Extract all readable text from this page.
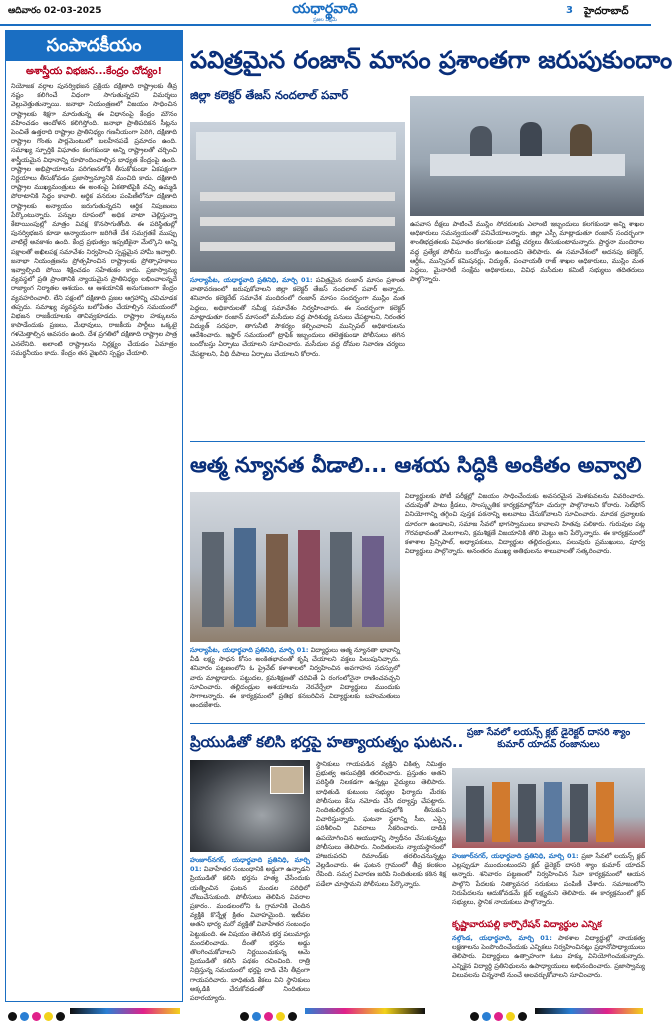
ఆదివారం 02-03-2025	యధార్థవాది
ప్రజల పక్షమే
3 హైదరాబాద్
సంపాదకీయం
అశాస్త్రీయ విభజన...కేంద్రం చోద్యం!
నియోజక వర్గాల పునర్విభజన ప్రక్రియ దక్షిణాది రాష్ట్రాలకు తీవ్ర నష్టం కలిగించే విధంగా సాగుతున్నదని విమర్శలు వెల్లువెత్తుతున్నాయి. జనాభా నియంత్రణలో విజయం సాధించిన రాష్ట్రాలకు శిక్షగా మారుతున్న ఈ విధానంపై కేంద్రం మౌనం వహించడం ఆందోళన కలిగిస్తోంది. జనాభా ప్రాతిపదికన సీట్లను పెంచితే ఉత్తరాది రాష్ట్రాల ప్రాతినిధ్యం గణనీయంగా పెరిగి, దక్షిణాది రాష్ట్రాల గొంతు పార్లమెంటులో బలహీనపడే ప్రమాదం ఉంది. సమాఖ్య స్ఫూర్తికి విఘాతం కలగకుండా అన్ని రాష్ట్రాలతో చర్చించి శాస్త్రీయమైన విధానాన్ని రూపొందించాల్సిన బాధ్యత కేంద్రంపై ఉంది. రాష్ట్రాల అభిప్రాయాలను పరిగణనలోకి తీసుకోకుండా ఏకపక్షంగా నిర్ణయాలు తీసుకోవడం ప్రజాస్వామ్యానికి మంచిది కాదు. దక్షిణాది రాష్ట్రాల ముఖ్యమంత్రులు ఈ అంశంపై ఏకతాటిపైకి వచ్చి ఉమ్మడి పోరాటానికి సిద్ధం కావాలి. ఆర్థిక వనరుల పంపిణీలోనూ దక్షిణాది రాష్ట్రాలకు అన్యాయం జరుగుతున్నదని ఆర్థిక నిపుణులు పేర్కొంటున్నారు. పన్నుల రూపంలో అధిక వాటా చెల్లిస్తున్నా కేటాయింపుల్లో మాత్రం వివక్ష కొనసాగుతోంది. ఈ పరిస్థితుల్లో పునర్విభజన కూడా అన్యాయంగా జరిగితే దేశ సమగ్రతకే ముప్పు వాటిల్లే అవకాశం ఉంది. కేంద్ర ప్రభుత్వం ఇప్పటికైనా మేల్కొని అన్ని పక్షాలతో అఖిలపక్ష సమావేశం నిర్వహించి స్పష్టమైన హామీ ఇవ్వాలి. జనాభా నియంత్రణను ప్రోత్సహించిన రాష్ట్రాలకు ప్రోత్సాహకాలు ఇవ్వాల్సింది పోయి శిక్షించడం సహేతుకం కాదు. ప్రజాస్వామ్య వ్యవస్థలో ప్రతి ప్రాంతానికి న్యాయమైన ప్రాతినిధ్యం లభించాలన్నదే రాజ్యాంగ నిర్మాతల ఆశయం. ఆ ఆశయానికి అనుగుణంగా కేంద్రం వ్యవహరించాలి. లేని పక్షంలో దక్షిణాది ప్రజల ఆగ్రహాన్ని చవిచూడక తప్పదు. సమాఖ్య వ్యవస్థను బలోపేతం చేయాల్సిన సమయంలో విభజన రాజకీయాలకు తావివ్వకూడదు. రాష్ట్రాల హక్కులను కాపాడేందుకు ప్రజలు, మేధావులు, రాజకీయ పార్టీలు ఒక్కటై గళమెత్తాల్సిన అవసరం ఉంది. దేశ ప్రగతిలో దక్షిణాది రాష్ట్రాల పాత్ర ఎనలేనిది. అలాంటి రాష్ట్రాలను నిర్లక్ష్యం చేయడం ఏమాత్రం సమర్థనీయం కాదు. కేంద్రం తన వైఖరిని స్పష్టం చేయాలి.
పవిత్రమైన రంజాన్ మాసం ప్రశాంతగా జరుపుకుందాం
జిల్లా కలెక్టర్ తేజస్ నందలాల్ పవార్
సూర్యాపేట, యధార్థవాది ప్రతినిధి, మార్చి 01: పవిత్రమైన రంజాన్ మాసం ప్రశాంత వాతావరణంలో జరుపుకోవాలని జిల్లా కలెక్టర్ తేజస్ నందలాల్ పవార్ అన్నారు. శనివారం కలెక్టరేట్ సమావేశ మందిరంలో రంజాన్ మాసం సందర్భంగా ముస్లిం మత పెద్దలు, అధికారులతో సమీక్ష సమావేశం నిర్వహించారు. ఈ సందర్భంగా కలెక్టర్ మాట్లాడుతూ రంజాన్ మాసంలో మసీదుల వద్ద పారిశుధ్య పనులు చేపట్టాలని, నిరంతర విద్యుత్ సరఫరా, తాగునీటి సౌకర్యం కల్పించాలని మున్సిపల్ అధికారులను ఆదేశించారు. ఇఫ్తార్ సమయంలో ట్రాఫిక్ ఇబ్బందులు తలెత్తకుండా పోలీసులు తగిన బందోబస్తు ఏర్పాటు చేయాలని సూచించారు. మసీదుల వద్ద దోమల నివారణ చర్యలు చేపట్టాలని, వీధి దీపాలు ఏర్పాటు చేయాలని కోరారు.
ఉపవాస దీక్షలు పాటించే ముస్లిం సోదరులకు ఎలాంటి ఇబ్బందులు కలగకుండా అన్ని శాఖల అధికారులు సమన్వయంతో పనిచేయాలన్నారు. జిల్లా ఎస్పీ మాట్లాడుతూ రంజాన్ సందర్భంగా శాంతిభద్రతలకు విఘాతం కలగకుండా పటిష్ట చర్యలు తీసుకుంటామన్నారు. ప్రార్థనా మందిరాల వద్ద ప్రత్యేక పోలీసు బందోబస్తు ఉంటుందని తెలిపారు. ఈ సమావేశంలో అదనపు కలెక్టర్, ఆర్డీఓ, మున్సిపల్ కమిషనర్లు, విద్యుత్, పంచాయతీ రాజ్ శాఖల అధికారులు, ముస్లిం మత పెద్దలు, మైనారిటీ సంక్షేమ అధికారులు, వివిధ మసీదుల కమిటీ సభ్యులు తదితరులు పాల్గొన్నారు.
ఆత్మ న్యూనత వీడాలి... ఆశయ సిద్ధికి అంకితం అవ్వాలి
సూర్యాపేట, యధార్థవాది ప్రతినిధి, మార్చి 01: విద్యార్థులు ఆత్మ న్యూనతా భావాన్ని వీడి లక్ష్య సాధన కోసం అంకితభావంతో కృషి చేయాలని వక్తలు పిలుపునిచ్చారు. శనివారం పట్టణంలోని ఓ ప్రైవేట్ కళాశాలలో నిర్వహించిన అవగాహన సదస్సులో వారు మాట్లాడారు. పట్టుదల, క్రమశిక్షణతో చదివితే ఏ రంగంలోనైనా రాణించవచ్చని సూచించారు. తల్లిదండ్రుల ఆశయాలను నెరవేర్చేలా విద్యార్థులు ముందుకు సాగాలన్నారు. ఈ కార్యక్రమంలో ప్రతిభ కనబరిచిన విద్యార్థులకు బహుమతులు అందజేశారు.
విద్యార్థులకు పోటీ పరీక్షల్లో విజయం సాధించేందుకు అవసరమైన మెళకువలను వివరించారు. చదువుతో పాటు క్రీడలు, సాంస్కృతిక కార్యక్రమాల్లోనూ చురుగ్గా పాల్గొనాలని కోరారు. సెల్‌ఫోన్ వినియోగాన్ని తగ్గించి పుస్తక పఠనాన్ని అలవాటు చేసుకోవాలని సూచించారు. మాదక ద్రవ్యాలకు దూరంగా ఉండాలని, సమాజ సేవలో భాగస్వాములు కావాలని హితవు పలికారు. గురువుల పట్ల గౌరవభావంతో మెలగాలని, క్రమశిక్షణే విజయానికి తొలి మెట్టు అని పేర్కొన్నారు. ఈ కార్యక్రమంలో కళాశాల ప్రిన్సిపాల్, అధ్యాపకులు, విద్యార్థుల తల్లిదండ్రులు, పలువురు ప్రముఖులు, పూర్వ విద్యార్థులు పాల్గొన్నారు. అనంతరం ముఖ్య అతిథులను శాలువాలతో సత్కరించారు.
ప్రియుడితో కలిసి భర్తపై హత్యాయత్నం ఘటన..
హుజూర్‌నగర్, యధార్థవాది ప్రతినిధి, మార్చి 01: వివాహేతర సంబంధానికి అడ్డుగా ఉన్నాడని ప్రియుడితో కలిసి భర్తను హత్య చేసేందుకు యత్నించిన ఘటన మండల పరిధిలో చోటుచేసుకుంది. పోలీసులు తెలిపిన వివరాల ప్రకారం.. మండలంలోని ఓ గ్రామానికి చెందిన వ్యక్తికి కొన్నేళ్ల క్రితం వివాహమైంది. ఇటీవల అతని భార్య మరో వ్యక్తితో వివాహేతర సంబంధం పెట్టుకుంది. ఈ విషయం తెలిసిన భర్త పలుమార్లు మందలించాడు. దీంతో భర్తను అడ్డు తొలగించుకోవాలని నిర్ణయించుకున్న ఆమె ప్రియుడితో కలిసి పథకం రచించింది. రాత్రి నిద్రిస్తున్న సమయంలో భర్తపై దాడి చేసి తీవ్రంగా గాయపరిచారు. బాధితుడి కేకలు విని స్థానికులు అక్కడికి చేరుకోవడంతో నిందితులు పరారయ్యారు.
స్థానికులు గాయపడిన వ్యక్తిని చికిత్స నిమిత్తం ప్రభుత్వ ఆసుపత్రికి తరలించారు. ప్రస్తుతం అతని పరిస్థితి నిలకడగా ఉన్నట్లు వైద్యులు తెలిపారు. బాధితుడి కుటుంబ సభ్యుల ఫిర్యాదు మేరకు పోలీసులు కేసు నమోదు చేసి దర్యాప్తు చేపట్టారు. నిందితులిద్దరినీ అదుపులోకి తీసుకుని విచారిస్తున్నారు. ఘటనా స్థలాన్ని సీఐ, ఎస్సై పరిశీలించి వివరాలు సేకరించారు. దాడికి ఉపయోగించిన ఆయుధాన్ని స్వాధీనం చేసుకున్నట్లు పోలీసులు తెలిపారు. నిందితులను న్యాయస్థానంలో హాజరుపరచి రిమాండ్‌కు తరలించనున్నట్లు వెల్లడించారు. ఈ ఘటన గ్రామంలో తీవ్ర కలకలం రేపింది. సమగ్ర విచారణ జరిపి నిందితులకు కఠిన శిక్ష పడేలా చూస్తామని పోలీసులు పేర్కొన్నారు.
ప్రజా సేవలో లయన్స్ క్లబ్ డైరెక్టర్ దాసరి శ్యాం కుమార్ యాదవ్ రంజానులు
హుజూర్‌నగర్, యధార్థవాది ప్రతినిధి, మార్చి 01: ప్రజా సేవలో లయన్స్ క్లబ్ ఎల్లప్పుడూ ముందుంటుందని క్లబ్ డైరెక్టర్ దాసరి శ్యాం కుమార్ యాదవ్ అన్నారు. శనివారం పట్టణంలో నిర్వహించిన సేవా కార్యక్రమంలో ఆయన పాల్గొని పేదలకు నిత్యావసర సరుకులు పంపిణీ చేశారు. సమాజంలోని నిరుపేదలను ఆదుకోవడమే క్లబ్ లక్ష్యమని తెలిపారు. ఈ కార్యక్రమంలో క్లబ్ సభ్యులు, స్థానిక నాయకులు పాల్గొన్నారు.
కృష్ణావారుపల్లి కార్పొరేషన్ విద్యార్థుల ఎన్నిక
నల్గొండ, యధార్థవాది, మార్చి 01: పాఠశాల విద్యార్థుల్లో నాయకత్వ లక్షణాలను పెంపొందించేందుకు ఎన్నికలు నిర్వహించినట్లు ప్రధానోపాధ్యాయులు తెలిపారు. విద్యార్థులు ఉత్సాహంగా ఓటు హక్కు వినియోగించుకున్నారు. ఎన్నికైన విద్యార్థి ప్రతినిధులను ఉపాధ్యాయులు అభినందించారు. ప్రజాస్వామ్య విలువలను చిన్ననాటి నుంచే అలవర్చుకోవాలని సూచించారు.
